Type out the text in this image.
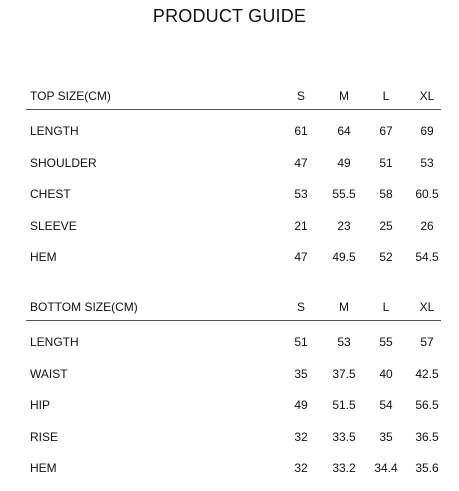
PRODUCT GUIDE
TOP SIZE(CM)	S	M	L	XL
LENGTH	61	64	67	69
SHOULDER	47	49	51	53
CHEST	53	55.5	58	60.5
SLEEVE	21	23	25	26
HEM	47	49.5	52	54.5
BOTTOM SIZE(CM)	S	M	L	XL
LENGTH	51	53	55	57
WAIST	35	37.5	40	42.5
HIP	49	51.5	54	56.5
RISE	32	33.5	35	36.5
HEM	32	33.2	34.4	35.6
